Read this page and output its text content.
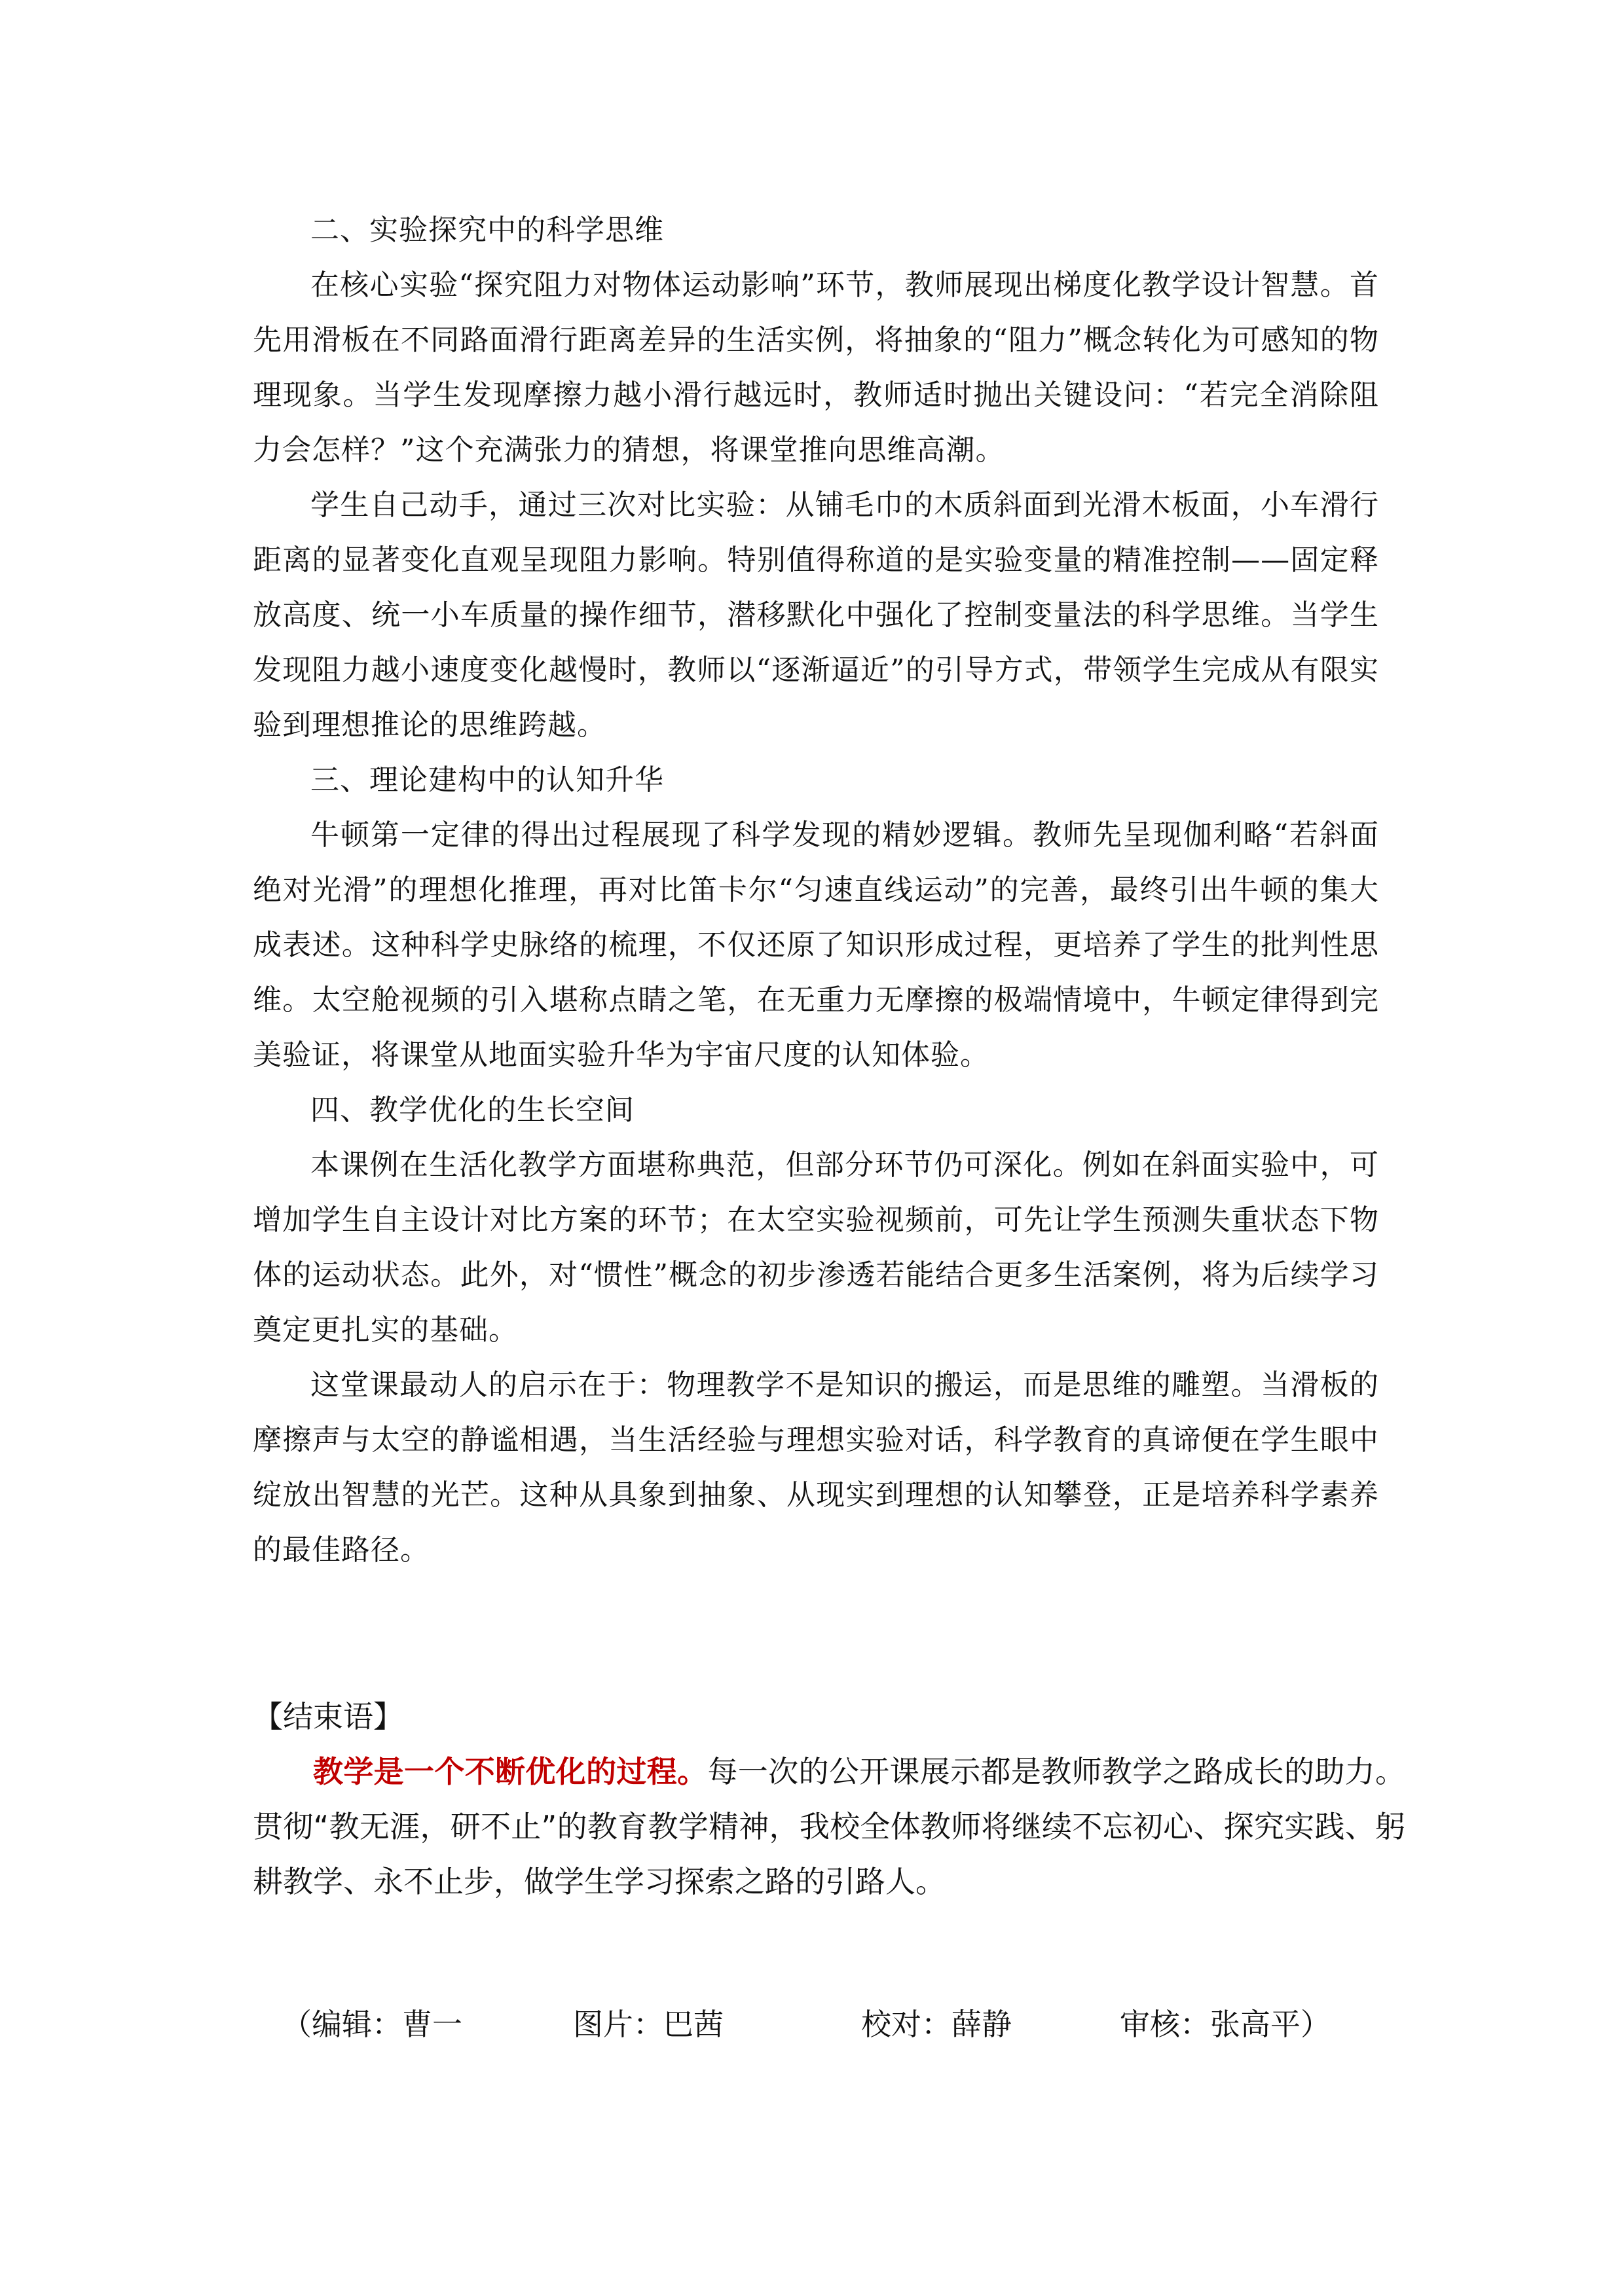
二、实验探究中的科学思维

在核心实验“探究阻力对物体运动影响”环节，教师展现出梯度化教学设计智慧。首先用滑板在不同路面滑行距离差异的生活实例，将抽象的“阻力”概念转化为可感知的物理现象。当学生发现摩擦力越小滑行越远时，教师适时抛出关键设问：“若完全消除阻力会怎样？”这个充满张力的猜想，将课堂推向思维高潮。

学生自己动手，通过三次对比实验：从铺毛巾的木质斜面到光滑木板面，小车滑行距离的显著变化直观呈现阻力影响。特别值得称道的是实验变量的精准控制——固定释放高度、统一小车质量的操作细节，潜移默化中强化了控制变量法的科学思维。当学生发现阻力越小速度变化越慢时，教师以“逐渐逼近”的引导方式，带领学生完成从有限实验到理想推论的思维跨越。

三、理论建构中的认知升华

牛顿第一定律的得出过程展现了科学发现的精妙逻辑。教师先呈现伽利略“若斜面绝对光滑”的理想化推理，再对比笛卡尔“匀速直线运动”的完善，最终引出牛顿的集大成表述。这种科学史脉络的梳理，不仅还原了知识形成过程，更培养了学生的批判性思维。太空舱视频的引入堪称点睛之笔，在无重力无摩擦的极端情境中，牛顿定律得到完美验证，将课堂从地面实验升华为宇宙尺度的认知体验。

四、教学优化的生长空间

本课例在生活化教学方面堪称典范，但部分环节仍可深化。例如在斜面实验中，可增加学生自主设计对比方案的环节；在太空实验视频前，可先让学生预测失重状态下物体的运动状态。此外，对“惯性”概念的初步渗透若能结合更多生活案例，将为后续学习奠定更扎实的基础。

这堂课最动人的启示在于：物理教学不是知识的搬运，而是思维的雕塑。当滑板的摩擦声与太空的静谧相遇，当生活经验与理想实验对话，科学教育的真谛便在学生眼中绽放出智慧的光芒。这种从具象到抽象、从现实到理想的认知攀登，正是培养科学素养的最佳路径。

【结束语】

教学是一个不断优化的过程。每一次的公开课展示都是教师教学之路成长的助力。贯彻“教无涯，研不止”的教育教学精神，我校全体教师将继续不忘初心、探究实践、躬耕教学、永不止步，做学生学习探索之路的引路人。

（编辑：曹一	图片：巴茜	校对：薛静	审核：张高平）
